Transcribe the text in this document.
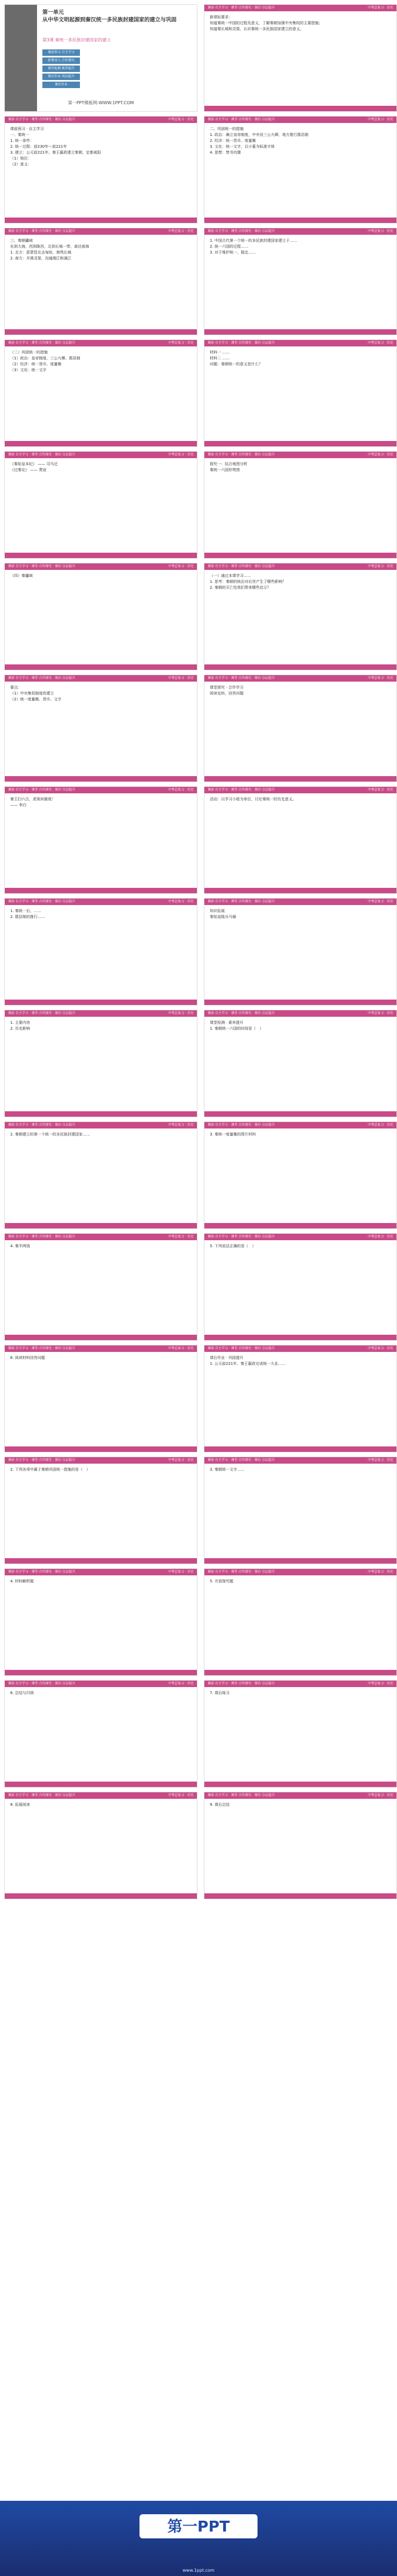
第一单元
从中华文明起源到秦汉统一多民族封建国家的建立与巩固
第3课 秦统一多民族封建国家的建立
课前预习·自主学习
新课导入·合作探究
课堂检测·素养提升
课后作业·巩固提升
课后作业
第一PPT模板网-WWW.1PPT.COM
课前·自主学习 · 课堂·合作探究 · 课后·分层提升	中考总复习 · 历史
新课标要求：
知道秦统一中国的过程及意义，了解秦朝加强中央集权的主要措施；
知道秦长城和灵渠，认识秦统一多民族国家建立的意义。
课前·自主学习 · 课堂·合作探究 · 课后·分层提升	中考总复习 · 历史
课前预习 · 自主学习
一、秦统一
1. 统一条件：
2. 统一过程：前230年～前221年
3. 建立：公元前221年，秦王嬴政建立秦朝，定都咸阳
（1）地位：
（2）意义：
课前·自主学习 · 课堂·合作探究 · 课后·分层提升	中考总复习 · 历史
二、巩固统一的措施
1. 政治：确立皇帝制度，中央设三公九卿，地方推行郡县制
2. 经济：统一货币、度量衡
3. 文化：统一文字，以小篆为标准字体
4. 思想：焚书坑儒
课前·自主学习 · 课堂·合作探究 · 课后·分层提升	中考总复习 · 历史
三、秦朝疆域
东到大海，西到陇西，北到长城一带，南达南海
1. 北方：派蒙恬北击匈奴，修筑长城
2. 南方：开凿灵渠，沟通湘江和漓江
课前·自主学习 · 课堂·合作探究 · 课后·分层提升	中考总复习 · 历史
1. 中国古代第一个统一的多民族封建国家建立于……
2. 统一六国的过程……
3. 对于维护统一、稳定……
课前·自主学习 · 课堂·合作探究 · 课后·分层提升	中考总复习 · 历史
（二）巩固统一的措施
（1）政治：皇帝制度、三公九卿、郡县制
（2）经济：统一货币、度量衡
（3）文化：统一文字
课前·自主学习 · 课堂·合作探究 · 课后·分层提升	中考总复习 · 历史
材料一 ……
材料二 ……
问题：秦朝统一的意义是什么？
课前·自主学习 · 课堂·合作探究 · 课后·分层提升	中考总复习 · 历史
《秦始皇本纪》 —— 司马迁
《过秦论》 —— 贾谊
课前·自主学习 · 课堂·合作探究 · 课后·分层提升	中考总复习 · 历史
探究一：结合地图分析
秦统一六国形势图
课前·自主学习 · 课堂·合作探究 · 课后·分层提升	中考总复习 · 历史
（四）秦疆域
课前·自主学习 · 课堂·合作探究 · 课后·分层提升	中考总复习 · 历史
（一）通过本课学习……
1. 思考：秦朝的统治对后世产生了哪些影响？
2. 秦朝的灭亡给我们带来哪些启示？
课前·自主学习 · 课堂·合作探究 · 课后·分层提升	中考总复习 · 历史
要点：
（1）中央集权制度的建立
（2）统一度量衡、货币、文字
课前·自主学习 · 课堂·合作探究 · 课后·分层提升	中考总复习 · 历史
课堂探究 · 合作学习
阅读史料，回答问题
课前·自主学习 · 课堂·合作探究 · 课后·分层提升	中考总复习 · 历史
秦王扫六合，虎视何雄哉！
—— 李白
课前·自主学习 · 课堂·合作探究 · 课后·分层提升	中考总复习 · 历史
活动：以学习小组为单位，讨论秦统一的历史意义。
课前·自主学习 · 课堂·合作探究 · 课后·分层提升	中考总复习 · 历史
1. 秦统一后，……
2. 郡县制的推行……
课前·自主学习 · 课堂·合作探究 · 课后·分层提升	中考总复习 · 历史
知识拓展
秦始皇陵兵马俑
课前·自主学习 · 课堂·合作探究 · 课后·分层提升	中考总复习 · 历史
1. 主要内容
2. 历史影响
课前·自主学习 · 课堂·合作探究 · 课后·分层提升	中考总复习 · 历史
课堂检测 · 素养提升
1. 秦朝统一六国的时间是（　）
课前·自主学习 · 课堂·合作探究 · 课后·分层提升	中考总复习 · 历史
2. 秦朝建立的第一个统一的多民族封建国家……
课前·自主学习 · 课堂·合作探究 · 课后·分层提升	中考总复习 · 历史
3. 秦统一度量衡的图片材料
课前·自主学习 · 课堂·合作探究 · 课后·分层提升	中考总复习 · 历史
4. 秦半两钱
课前·自主学习 · 课堂·合作探究 · 课后·分层提升	中考总复习 · 历史
5. 下列说法正确的是（　）
课前·自主学习 · 课堂·合作探究 · 课后·分层提升	中考总复习 · 历史
6. 阅读材料回答问题
课前·自主学习 · 课堂·合作探究 · 课后·分层提升	中考总复习 · 历史
课后作业 · 巩固提升
1. 公元前221年，秦王嬴政完成统一大业……
课前·自主学习 · 课堂·合作探究 · 课后·分层提升	中考总复习 · 历史
2. 下列各项中属于秦朝巩固统一措施的是（　）
课前·自主学习 · 课堂·合作探究 · 课后·分层提升	中考总复习 · 历史
3. 秦朝统一文字……
课前·自主学习 · 课堂·合作探究 · 课后·分层提升	中考总复习 · 历史
4. 材料解析题
课前·自主学习 · 课堂·合作探究 · 课后·分层提升	中考总复习 · 历史
5. 开放探究题
课前·自主学习 · 课堂·合作探究 · 课后·分层提升	中考总复习 · 历史
6. 总结与归纳
课前·自主学习 · 课堂·合作探究 · 课后·分层提升	中考总复习 · 历史
7. 课后练习
课前·自主学习 · 课堂·合作探究 · 课后·分层提升	中考总复习 · 历史
8. 拓展阅读
课前·自主学习 · 课堂·合作探究 · 课后·分层提升	中考总复习 · 历史
9. 课后总结
第一PPT
www.1ppt.com
